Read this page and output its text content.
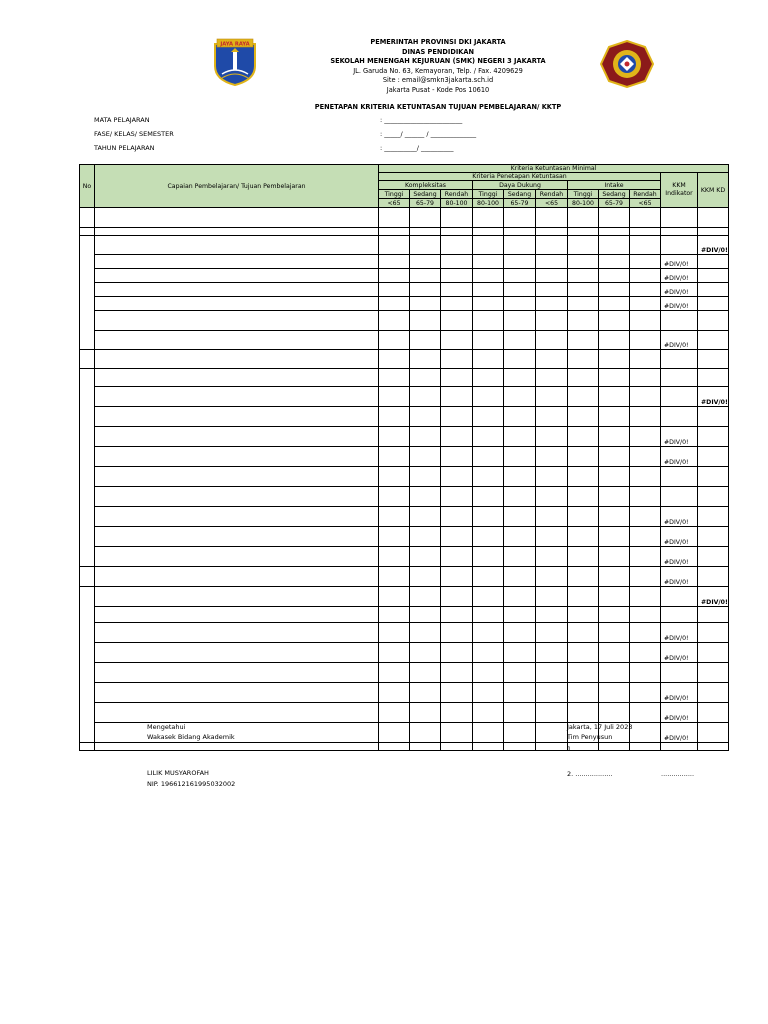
JAYA RAYA	PEMERINTAH PROVINSI DKI JAKARTA
DINAS PENDIDIKAN
SEKOLAH MENENGAH KEJURUAN (SMK) NEGERI 3 JAKARTA
JL. Garuda No. 63, Kemayoran, Telp. / Fax. 4209629
Site : email@smkn3jakarta.sch.id
Jakarta Pusat - Kode Pos 10610
PENETAPAN KRITERIA KETUNTASAN TUJUAN PEMBELAJARAN/ KKTP
MATA PELAJARAN	: ________________________
FASE/ KELAS/ SEMESTER	: _____/ ______ / ______________
TAHUN PELAJARAN	: __________/ __________
No	Capaian Pembelajaran/ Tujuan Pembelajaran	Kriteria Ketuntasan Minimal										
		Kriteria Penetapan Ketuntasan									KKM Indikator	KKM KD
		Kompleksitas			Daya Dukung			Intake				
		Tinggi	Sedang	Rendah	Tinggi	Sedang	Rendah	Tinggi	Sedang	Rendah		
		<65	65-79	80-100	80-100	65-79	<65	80-100	65-79	<65		

												#DIV/0!
											#DIV/0!	
											#DIV/0!	
											#DIV/0!	
											#DIV/0!	

											#DIV/0!	

												#DIV/0!

											#DIV/0!	
											#DIV/0!	

											#DIV/0!	
											#DIV/0!	
											#DIV/0!	
											#DIV/0!	
												#DIV/0!

											#DIV/0!	
											#DIV/0!	

											#DIV/0!	
											#DIV/0!	
											#DIV/0!	

Mengetahui
Wakasek Bidang Akademik
LILIK MUSYAROFAH
NIP. 196612161995032002
Jakarta, 17 Juli 2023
Tim Penyusun
1. ..................	................
2. ..................	................
